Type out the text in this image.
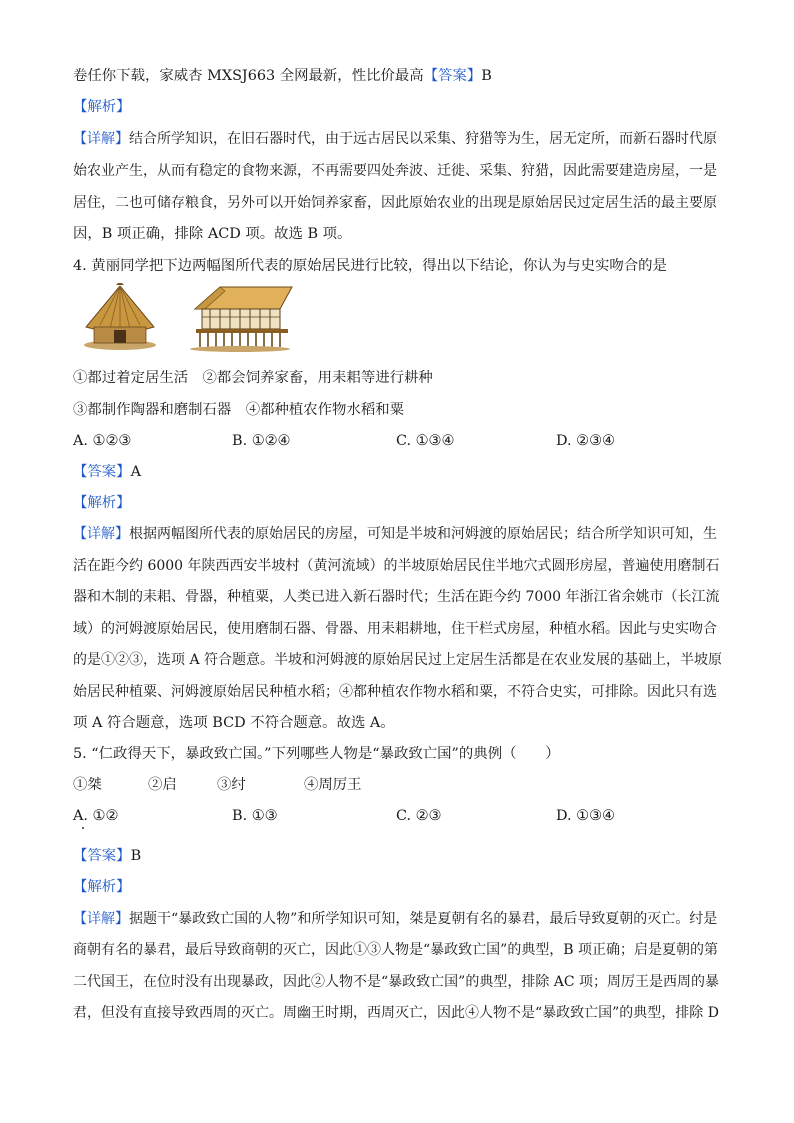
卷任你下载，家威杏 MXSJ663 全网最新，性比价最高【答案】B
【解析】
【详解】结合所学知识，在旧石器时代，由于远古居民以采集、狩猎等为生，居无定所，而新石器时代原
始农业产生，从而有稳定的食物来源，不再需要四处奔波、迁徙、采集、狩猎，因此需要建造房屋，一是
居住，二也可储存粮食，另外可以开始饲养家畜，因此原始农业的出现是原始居民过定居生活的最主要原
因，B 项正确，排除 ACD 项。故选 B 项。
4. 黄丽同学把下边两幅图所代表的原始居民进行比较，得出以下结论，你认为与史实吻合的是
①都过着定居生活　②都会饲养家畜，用耒耜等进行耕种
③都制作陶器和磨制石器　④都种植农作物水稻和粟
A. ①②③	B. ①②④	C. ①③④	D. ②③④
【答案】A
【解析】
【详解】根据两幅图所代表的原始居民的房屋，可知是半坡和河姆渡的原始居民；结合所学知识可知，生
活在距今约 6000 年陕西西安半坡村（黄河流域）的半坡原始居民住半地穴式圆形房屋，普遍使用磨制石
器和木制的耒耜、骨器，种植粟，人类已进入新石器时代；生活在距今约 7000 年浙江省余姚市（长江流
域）的河姆渡原始居民，使用磨制石器、骨器、用耒耜耕地，住干栏式房屋，种植水稻。因此与史实吻合
的是①②③，选项 A 符合题意。半坡和河姆渡的原始居民过上定居生活都是在农业发展的基础上，半坡原
始居民种植粟、河姆渡原始居民种植水稻；④都种植农作物水稻和粟，不符合史实，可排除。因此只有选
项 A 符合题意，选项 BCD 不符合题意。故选 A。
5. “仁政得天下，暴政致亡国。”下列哪些人物是“暴政致亡国”的典例（　　）
①桀	②启	③纣	④周厉王
A. ①②	B. ①③	C. ②③	D. ①③④
【答案】B
【解析】
【详解】据题干“暴政致亡国的人物”和所学知识可知，桀是夏朝有名的暴君，最后导致夏朝的灭亡。纣是
商朝有名的暴君，最后导致商朝的灭亡，因此①③人物是“暴政致亡国”的典型，B 项正确；启是夏朝的第
二代国王，在位时没有出现暴政，因此②人物不是“暴政致亡国”的典型，排除 AC 项；周厉王是西周的暴
君，但没有直接导致西周的灭亡。周幽王时期，西周灭亡，因此④人物不是“暴政致亡国”的典型，排除 D
